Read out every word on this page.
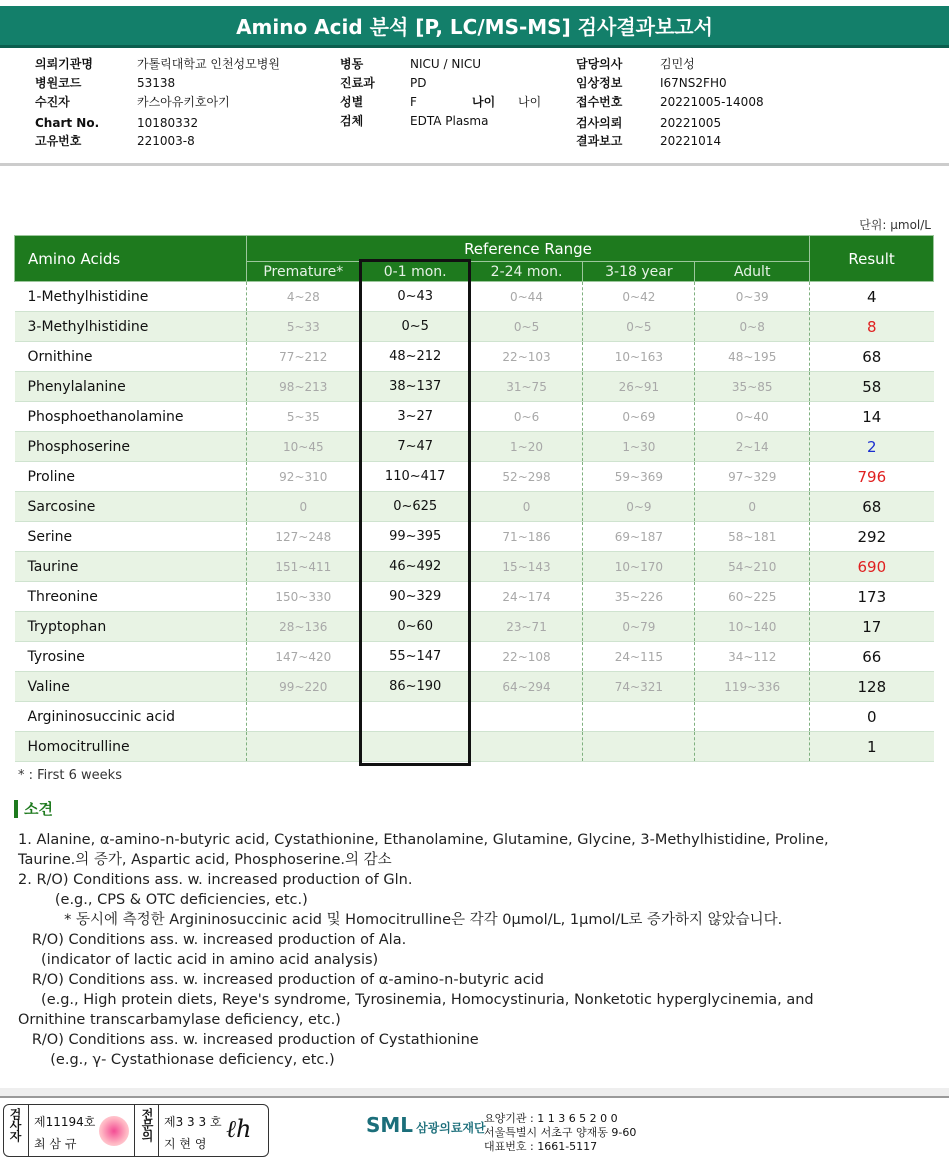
Amino Acid 분석 [P, LC/MS-MS] 검사결과보고서
의뢰기관명	가톨릭대학교 인천성모병원
병원코드	53138
수진자	카스아유키호아기
Chart No.	10180332
고유번호	221003-8
병동	NICU / NICU
진료과	PD
성별	F
검체	EDTA Plasma
담당의사	김민성
임상정보	I67NS2FH0
접수번호	20221005-14008
검사의뢰	20221005
결과보고	20221014
나이 나이
단위: μmol/L
Amino Acids	Reference Range					Result
	Premature*	0-1 mon.	2-24 mon.	3-18 year	Adult	
1-Methylhistidine	4~28	0~43	0~44	0~42	0~39	4
3-Methylhistidine	5~33	0~5	0~5	0~5	0~8	8
Ornithine	77~212	48~212	22~103	10~163	48~195	68
Phenylalanine	98~213	38~137	31~75	26~91	35~85	58
Phosphoethanolamine	5~35	3~27	0~6	0~69	0~40	14
Phosphoserine	10~45	7~47	1~20	1~30	2~14	2
Proline	92~310	110~417	52~298	59~369	97~329	796
Sarcosine	0	0~625	0	0~9	0	68
Serine	127~248	99~395	71~186	69~187	58~181	292
Taurine	151~411	46~492	15~143	10~170	54~210	690
Threonine	150~330	90~329	24~174	35~226	60~225	173
Tryptophan	28~136	0~60	23~71	0~79	10~140	17
Tyrosine	147~420	55~147	22~108	24~115	34~112	66
Valine	99~220	86~190	64~294	74~321	119~336	128
Argininosuccinic acid						0
Homocitrulline						1
* : First 6 weeks
소견
1. Alanine, α-amino-n-butyric acid, Cystathionine, Ethanolamine, Glutamine, Glycine, 3-Methylhistidine, Proline,
Taurine.의 증가, Aspartic acid, Phosphoserine.의 감소
2. R/O) Conditions ass. w. increased production of Gln.
(e.g., CPS & OTC deficiencies, etc.)
* 동시에 측정한 Argininosuccinic acid 및 Homocitrulline은 각각 0μmol/L, 1μmol/L로 증가하지 않았습니다.
R/O) Conditions ass. w. increased production of Ala.
(indicator of lactic acid in amino acid analysis)
R/O) Conditions ass. w. increased production of α-amino-n-butyric acid
(e.g., High protein diets, Reye's syndrome, Tyrosinemia, Homocystinuria, Nonketotic hyperglycinemia, and
Ornithine transcarbamylase deficiency, etc.)
R/O) Conditions ass. w. increased production of Cystathionine
(e.g., γ- Cystathionase deficiency, etc.)
검사자 제11194호
최 삼 규
전문의 제3 3 3 호
지 현 영
ℓh	SML 삼광의료재단
요양기관 : 1 1 3 6 5 2 0 0
서울특별시 서초구 양재동 9-60
대표번호 : 1661-5117
